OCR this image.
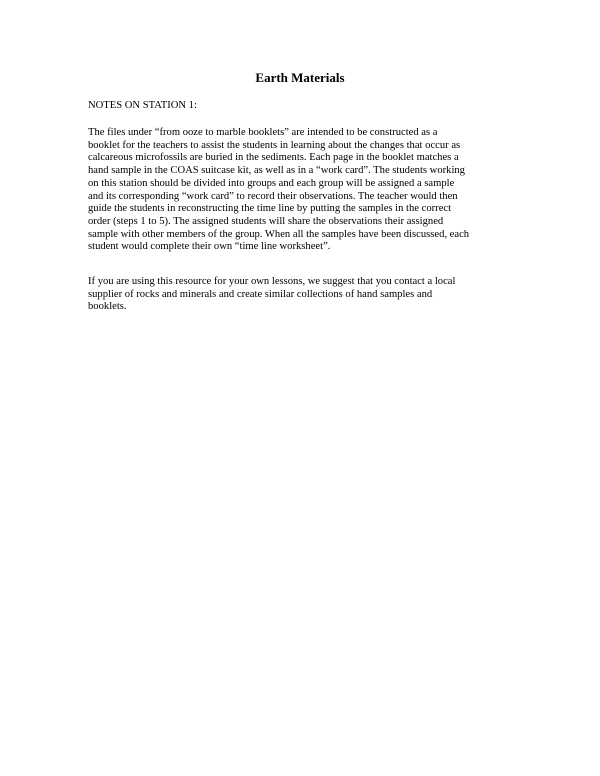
Earth Materials

NOTES ON STATION 1:

The files under “from ooze to marble booklets” are intended to be constructed as a
booklet for the teachers to assist the students in learning about the changes that occur as
calcareous microfossils are buried in the sediments. Each page in the booklet matches a
hand sample in the COAS suitcase kit, as well as in a “work card”. The students working
on this station should be divided into groups and each group will be assigned a sample
and its corresponding “work card” to record their observations. The teacher would then
guide the students in reconstructing the time line by putting the samples in the correct
order (steps 1 to 5). The assigned students will share the observations their assigned
sample with other members of the group. When all the samples have been discussed, each
student would complete their own “time line worksheet”.

If you are using this resource for your own lessons, we suggest that you contact a local
supplier of rocks and minerals and create similar collections of hand samples and
booklets.
